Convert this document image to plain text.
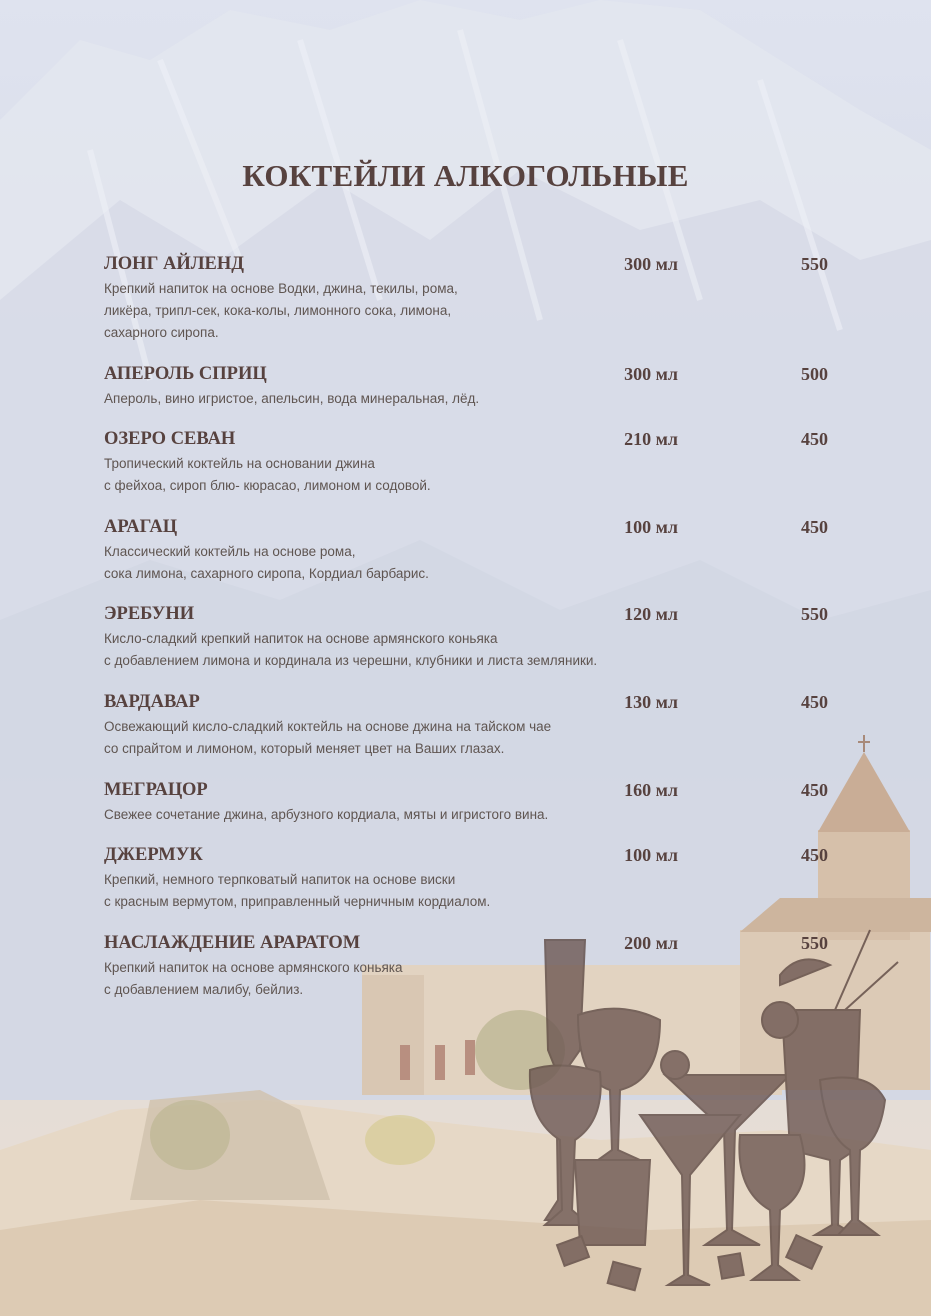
КОКТЕЙЛИ АЛКОГОЛЬНЫЕ
ЛОНГ АЙЛЕНД	300 мл	550
Крепкий напиток на основе Водки, джина, текилы, рома,
ликёра, трипл-сек, кока-колы, лимонного сока, лимона,
сахарного сиропа.
АПЕРОЛЬ СПРИЦ	300 мл	500
Апероль, вино игристое, апельсин, вода минеральная, лёд.
ОЗЕРО СЕВАН	210 мл	450
Тропический коктейль на основании джина
с фейхоа, сироп блю- кюрасао, лимоном и содовой.
АРАГАЦ	100 мл	450
Классический коктейль на основе рома,
сока лимона, сахарного сиропа, Кордиал барбарис.
ЭРЕБУНИ	120 мл	550
Кисло-сладкий крепкий напиток на основе армянского коньяка
с добавлением лимона и кординала из черешни, клубники и листа земляники.
ВАРДАВАР	130 мл	450
Освежающий кисло-сладкий коктейль на основе джина на тайском чае
со спрайтом и лимоном, который меняет цвет на Ваших глазах.
МЕГРАЦОР	160 мл	450
Свежее сочетание джина, арбузного кордиала, мяты и игристого вина.
ДЖЕРМУК	100 мл	450
Крепкий, немного терпковатый напиток на основе виски
с красным вермутом, приправленный черничным кордиалом.
НАСЛАЖДЕНИЕ АРАРАТОМ	200 мл	550
Крепкий напиток на основе армянского коньяка
с добавлением малибу, бейлиз.
